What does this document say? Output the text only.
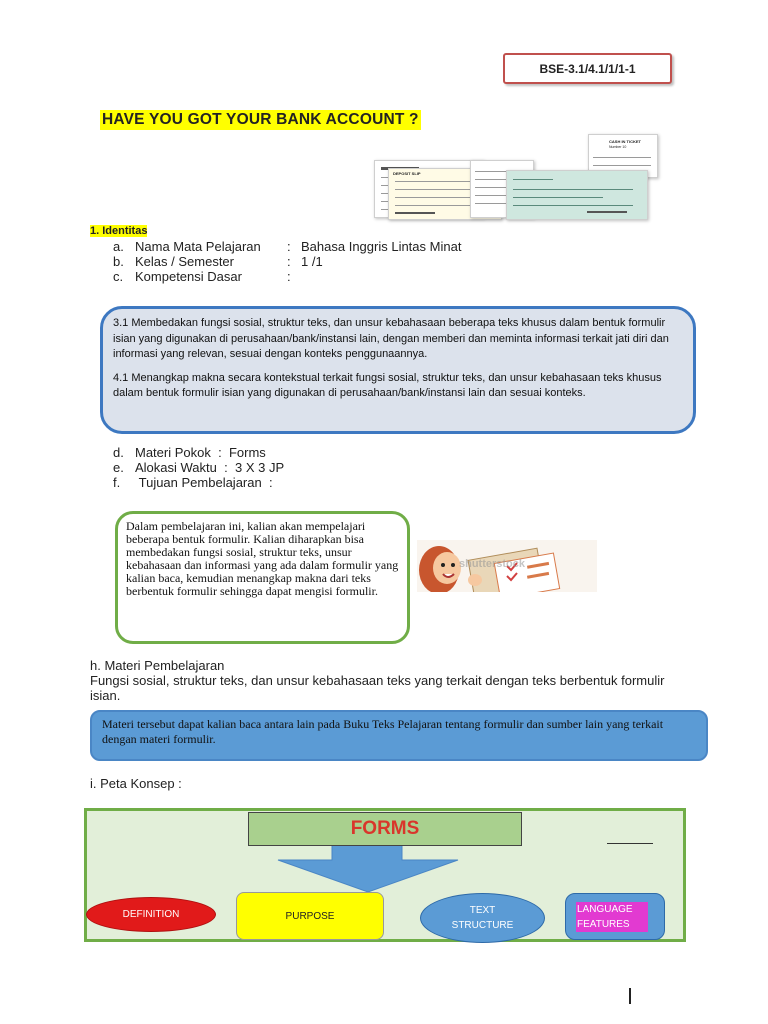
BSE-3.1/4.1/1/1-1
HAVE YOU GOT YOUR BANK ACCOUNT ?
DEPOSIT SLIP
CASH IN TICKET
Number 10
1. Identitas
a. Nama Mata Pelajaran : Bahasa Inggris Lintas Minat
b. Kelas / Semester	: 1 /1
c. Kompetensi Dasar	:

3.1 Membedakan fungsi sosial, struktur teks, dan unsur kebahasaan beberapa teks khusus dalam bentuk formulir isian yang digunakan di perusahaan/bank/instansi lain, dengan memberi dan meminta informasi terkait jati diri dan informasi yang relevan, sesuai dengan konteks penggunaannya.

4.1 Menangkap makna secara kontekstual terkait fungsi sosial, struktur teks, dan unsur kebahasaan teks khusus dalam bentuk formulir isian yang digunakan di perusahaan/bank/instansi lain dan sesuai konteks.

d. Materi Pokok : Forms
e. Alokasi Waktu : 3 X 3 JP
f. Tujuan Pembelajaran :
Dalam pembelajaran ini, kalian akan mempelajari beberapa bentuk formulir. Kalian diharapkan bisa membedakan fungsi sosial, struktur teks, unsur kebahasaan dan informasi yang ada dalam formulir yang kalian baca, kemudian menangkap makna dari teks berbentuk formulir sehingga dapat mengisi formulir.
shutterstock
h. Materi Pembelajaran
Fungsi sosial, struktur teks, dan unsur kebahasaan teks yang terkait dengan teks berbentuk formulir isian.
Materi tersebut dapat kalian baca antara lain pada Buku Teks Pelajaran tentang formulir dan sumber lain yang terkait dengan materi formulir.
i. Peta Konsep :
FORMS
DEFINITION	PURPOSE	TEXT STRUCTURE
LANGUAGE FEATURES
